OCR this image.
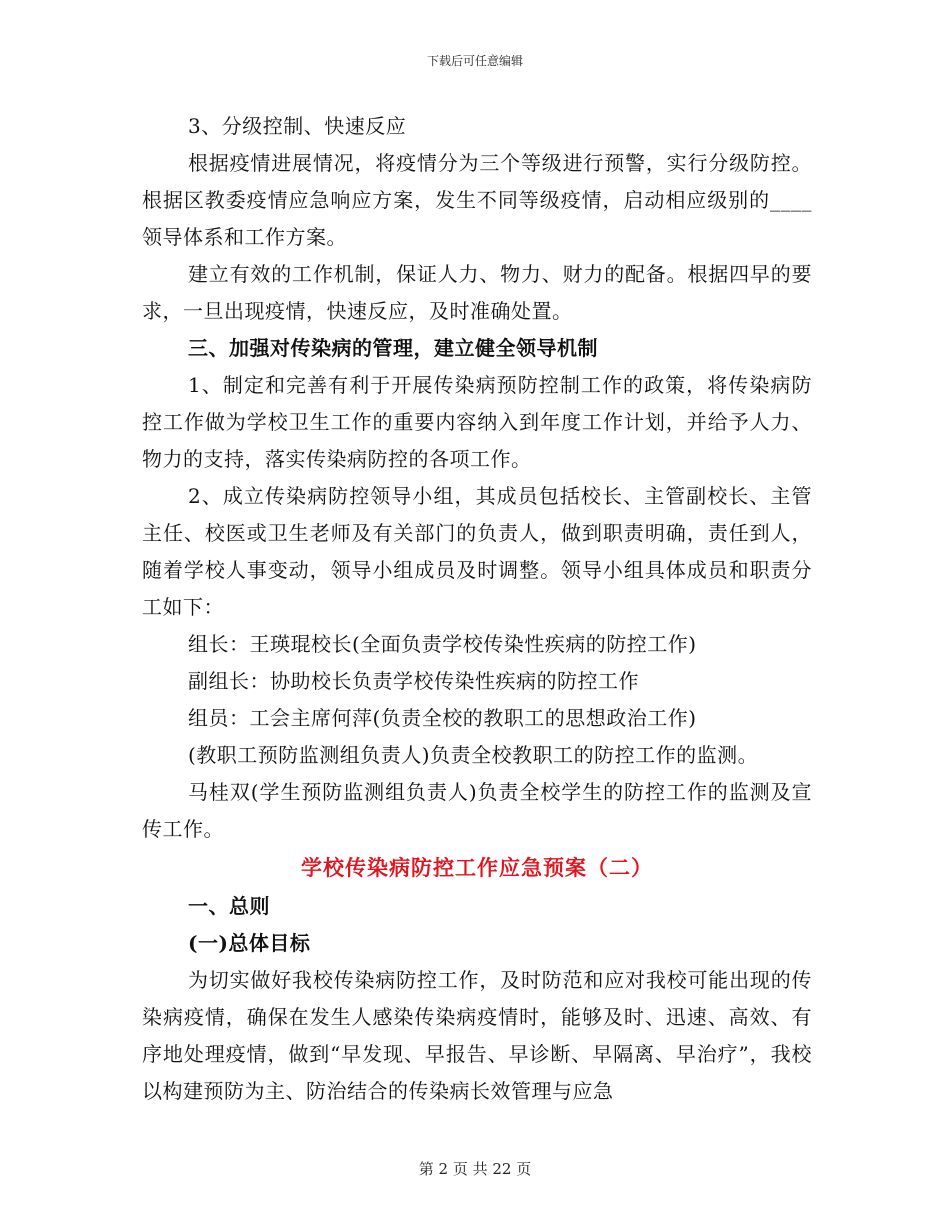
下载后可任意编辑

3、分级控制、快速反应

根据疫情进展情况，将疫情分为三个等级进行预警，实行分级防控。根据区教委疫情应急响应方案，发生不同等级疫情，启动相应级别的____领导体系和工作方案。

建立有效的工作机制，保证人力、物力、财力的配备。根据四早的要求，一旦出现疫情，快速反应，及时准确处置。

三、加强对传染病的管理，建立健全领导机制

1、制定和完善有利于开展传染病预防控制工作的政策，将传染病防控工作做为学校卫生工作的重要内容纳入到年度工作计划，并给予人力、物力的支持，落实传染病防控的各项工作。

2、成立传染病防控领导小组，其成员包括校长、主管副校长、主管主任、校医或卫生老师及有关部门的负责人，做到职责明确，责任到人，随着学校人事变动，领导小组成员及时调整。领导小组具体成员和职责分工如下：

组长：王瑛琨校长(全面负责学校传染性疾病的防控工作)

副组长：协助校长负责学校传染性疾病的防控工作

组员：工会主席何萍(负责全校的教职工的思想政治工作)

(教职工预防监测组负责人)负责全校教职工的防控工作的监测。

马桂双(学生预防监测组负责人)负责全校学生的防控工作的监测及宣传工作。

学校传染病防控工作应急预案（二）

一、总则

(一)总体目标

为切实做好我校传染病防控工作，及时防范和应对我校可能出现的传染病疫情，确保在发生人感染传染病疫情时，能够及时、迅速、高效、有序地处理疫情，做到“早发现、早报告、早诊断、早隔离、早治疗”，我校以构建预防为主、防治结合的传染病长效管理与应急

第 2 页 共 22 页
